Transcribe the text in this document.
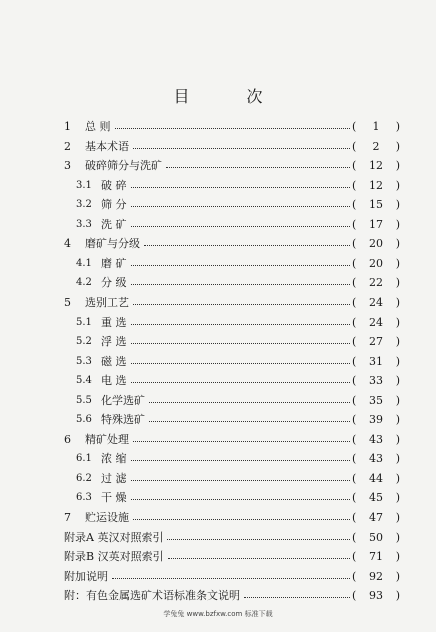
目 次
1 总 则	( 1 )
2 基本术语	( 2 )
3 破碎筛分与洗矿	( 12 )
3.1 破 碎	( 12 )
3.2 筛 分	( 15 )
3.3 洗 矿	( 17 )
4 磨矿与分级	( 20 )
4.1 磨 矿	( 20 )
4.2 分 级	( 22 )
5 选别工艺	( 24 )
5.1 重 选	( 24 )
5.2 浮 选	( 27 )
5.3 磁 选	( 31 )
5.4 电 选	( 33 )
5.5 化学选矿	( 35 )
5.6 特殊选矿	( 39 )
6 精矿处理	( 43 )
6.1 浓 缩	( 43 )
6.2 过 滤	( 44 )
6.3 干 燥	( 45 )
7 贮运设施	( 47 )
附录A 英汉对照索引	( 50 )
附录B 汉英对照索引	( 71 )
附加说明	( 92 )
附：有色金属选矿术语标准条文说明	( 93 )
学兔兔 www.bzfxw.com 标准下载
